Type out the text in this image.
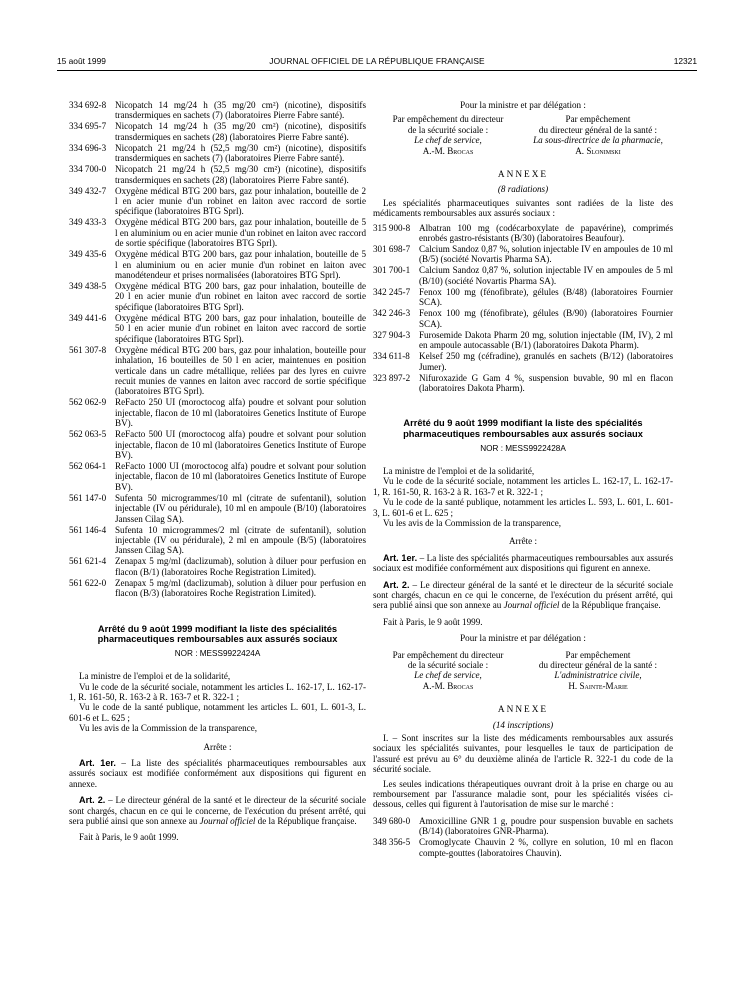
15 août 1999	JOURNAL OFFICIEL DE LA RÉPUBLIQUE FRANÇAISE	12321
334 692-8 Nicopatch 14 mg/24 h (35 mg/20 cm²) (nicotine), dispositifs transdermiques en sachets (7) (laboratoires Pierre Fabre santé).
334 695-7 Nicopatch 14 mg/24 h (35 mg/20 cm²) (nicotine), dispositifs transdermiques en sachets (28) (laboratoires Pierre Fabre santé).
334 696-3 Nicopatch 21 mg/24 h (52,5 mg/30 cm²) (nicotine), dispositifs transdermiques en sachets (7) (laboratoires Pierre Fabre santé).
334 700-0 Nicopatch 21 mg/24 h (52,5 mg/30 cm²) (nicotine), dispositifs transdermiques en sachets (28) (laboratoires Pierre Fabre santé).
349 432-7 Oxygène médical BTG 200 bars, gaz pour inhalation, bouteille de 2 l en acier munie d'un robinet en laiton avec raccord de sortie spécifique (laboratoires BTG Sprl).
349 433-3 Oxygène médical BTG 200 bars, gaz pour inhalation, bouteille de 5 l en aluminium ou en acier munie d'un robinet en laiton avec raccord de sortie spécifique (laboratoires BTG Sprl).
349 435-6 Oxygène médical BTG 200 bars, gaz pour inhalation, bouteille de 5 l en aluminium ou en acier munie d'un robinet en laiton avec manodétendeur et prises normalisées (laboratoires BTG Sprl).
349 438-5 Oxygène médical BTG 200 bars, gaz pour inhalation, bouteille de 20 l en acier munie d'un robinet en laiton avec raccord de sortie spécifique (laboratoires BTG Sprl).
349 441-6 Oxygène médical BTG 200 bars, gaz pour inhalation, bouteille de 50 l en acier munie d'un robinet en laiton avec raccord de sortie spécifique (laboratoires BTG Sprl).
561 307-8 Oxygène médical BTG 200 bars, gaz pour inhalation, bouteille pour inhalation, 16 bouteilles de 50 l en acier, maintenues en position verticale dans un cadre métallique, reliées par des lyres en cuivre recuit munies de vannes en laiton avec raccord de sortie spécifique (laboratoires BTG Sprl).
562 062-9 ReFacto 250 UI (moroctocog alfa) poudre et solvant pour solution injectable, flacon de 10 ml (laboratoires Genetics Institute of Europe BV).
562 063-5 ReFacto 500 UI (moroctocog alfa) poudre et solvant pour solution injectable, flacon de 10 ml (laboratoires Genetics Institute of Europe BV).
562 064-1 ReFacto 1000 UI (moroctocog alfa) poudre et solvant pour solution injectable, flacon de 10 ml (laboratoires Genetics Institute of Europe BV).
561 147-0 Sufenta 50 microgrammes/10 ml (citrate de sufentanil), solution injectable (IV ou péridurale), 10 ml en ampoule (B/10) (laboratoires Janssen Cilag SA).
561 146-4 Sufenta 10 microgrammes/2 ml (citrate de sufentanil), solution injectable (IV ou péridurale), 2 ml en ampoule (B/5) (laboratoires Janssen Cilag SA).
561 621-4 Zenapax 5 mg/ml (daclizumab), solution à diluer pour perfusion en flacon (B/1) (laboratoires Roche Registration Limited).
561 622-0 Zenapax 5 mg/ml (daclizumab), solution à diluer pour perfusion en flacon (B/3) (laboratoires Roche Registration Limited).
Arrêté du 9 août 1999 modifiant la liste des spécialités pharmaceutiques remboursables aux assurés sociaux
NOR : MESS9922424A

La ministre de l'emploi et de la solidarité,

Vu le code de la sécurité sociale, notamment les articles L. 162-17, L. 162-17-1, R. 161-50, R. 163-2 à R. 163-7 et R. 322-1 ;

Vu le code de la santé publique, notamment les articles L. 601, L. 601-3, L. 601-6 et L. 625 ;

Vu les avis de la Commission de la transparence,

Arrête :

Art. 1er. – La liste des spécialités pharmaceutiques remboursables aux assurés sociaux est modifiée conformément aux dispositions qui figurent en annexe.

Art. 2. – Le directeur général de la santé et le directeur de la sécurité sociale sont chargés, chacun en ce qui le concerne, de l'exécution du présent arrêté, qui sera publié ainsi que son annexe au Journal officiel de la République française.

Fait à Paris, le 9 août 1999.

Pour la ministre et par délégation :

Par empêchement du directeur
de la sécurité sociale :
Le chef de service,
A.-M. Brocas
Par empêchement
du directeur général de la santé :
La sous-directrice de la pharmacie,
A. Slonimski
ANNEXE
(8 radiations)

Les spécialités pharmaceutiques suivantes sont radiées de la liste des médicaments remboursables aux assurés sociaux :

315 900-8 Albatran 100 mg (codécarboxylate de papavérine), comprimés enrobés gastro-résistants (B/30) (laboratoires Beaufour).
301 698-7 Calcium Sandoz 0,87 %, solution injectable IV en ampoules de 10 ml (B/5) (société Novartis Pharma SA).
301 700-1 Calcium Sandoz 0,87 %, solution injectable IV en ampoules de 5 ml (B/10) (société Novartis Pharma SA).
342 245-7 Fenox 100 mg (fénofibrate), gélules (B/48) (laboratoires Fournier SCA).
342 246-3 Fenox 100 mg (fénofibrate), gélules (B/90) (laboratoires Fournier SCA).
327 904-3 Furosemide Dakota Pharm 20 mg, solution injectable (IM, IV), 2 ml en ampoule autocassable (B/1) (laboratoires Dakota Pharm).
334 611-8	Kelsef 250 mg (céfradine), granulés en sachets (B/12) (laboratoires Jumer).
323 897-2 Nifuroxazide G Gam 4 %, suspension buvable, 90 ml en flacon (laboratoires Dakota Pharm).
Arrêté du 9 août 1999 modifiant la liste des spécialités pharmaceutiques remboursables aux assurés sociaux
NOR : MESS9922428A

La ministre de l'emploi et de la solidarité,

Vu le code de la sécurité sociale, notamment les articles L. 162-17, L. 162-17-1, R. 161-50, R. 163-2 à R. 163-7 et R. 322-1 ;

Vu le code de la santé publique, notamment les articles L. 593, L. 601, L. 601-3, L. 601-6 et L. 625 ;

Vu les avis de la Commission de la transparence,

Arrête :

Art. 1er. – La liste des spécialités pharmaceutiques remboursables aux assurés sociaux est modifiée conformément aux dispositions qui figurent en annexe.

Art. 2. – Le directeur général de la santé et le directeur de la sécurité sociale sont chargés, chacun en ce qui le concerne, de l'exécution du présent arrêté, qui sera publié ainsi que son annexe au Journal officiel de la République française.

Fait à Paris, le 9 août 1999.

Pour la ministre et par délégation :

Par empêchement du directeur
de la sécurité sociale :
Le chef de service,
A.-M. Brocas
Par empêchement
du directeur général de la santé :
L'administratrice civile,
H. Sainte-Marie
ANNEXE
(14 inscriptions)

I. – Sont inscrites sur la liste des médicaments remboursables aux assurés sociaux les spécialités suivantes, pour lesquelles le taux de participation de l'assuré est prévu au 6° du deuxième alinéa de l'article R. 322-1 du code de la sécurité sociale.

Les seules indications thérapeutiques ouvrant droit à la prise en charge ou au remboursement par l'assurance maladie sont, pour les spécialités visées ci-dessous, celles qui figurent à l'autorisation de mise sur le marché :

349 680-0 Amoxicilline GNR 1 g, poudre pour suspension buvable en sachets (B/14) (laboratoires GNR-Pharma).
348 356-5 Cromoglycate Chauvin 2 %, collyre en solution, 10 ml en flacon compte-gouttes (laboratoires Chauvin).
